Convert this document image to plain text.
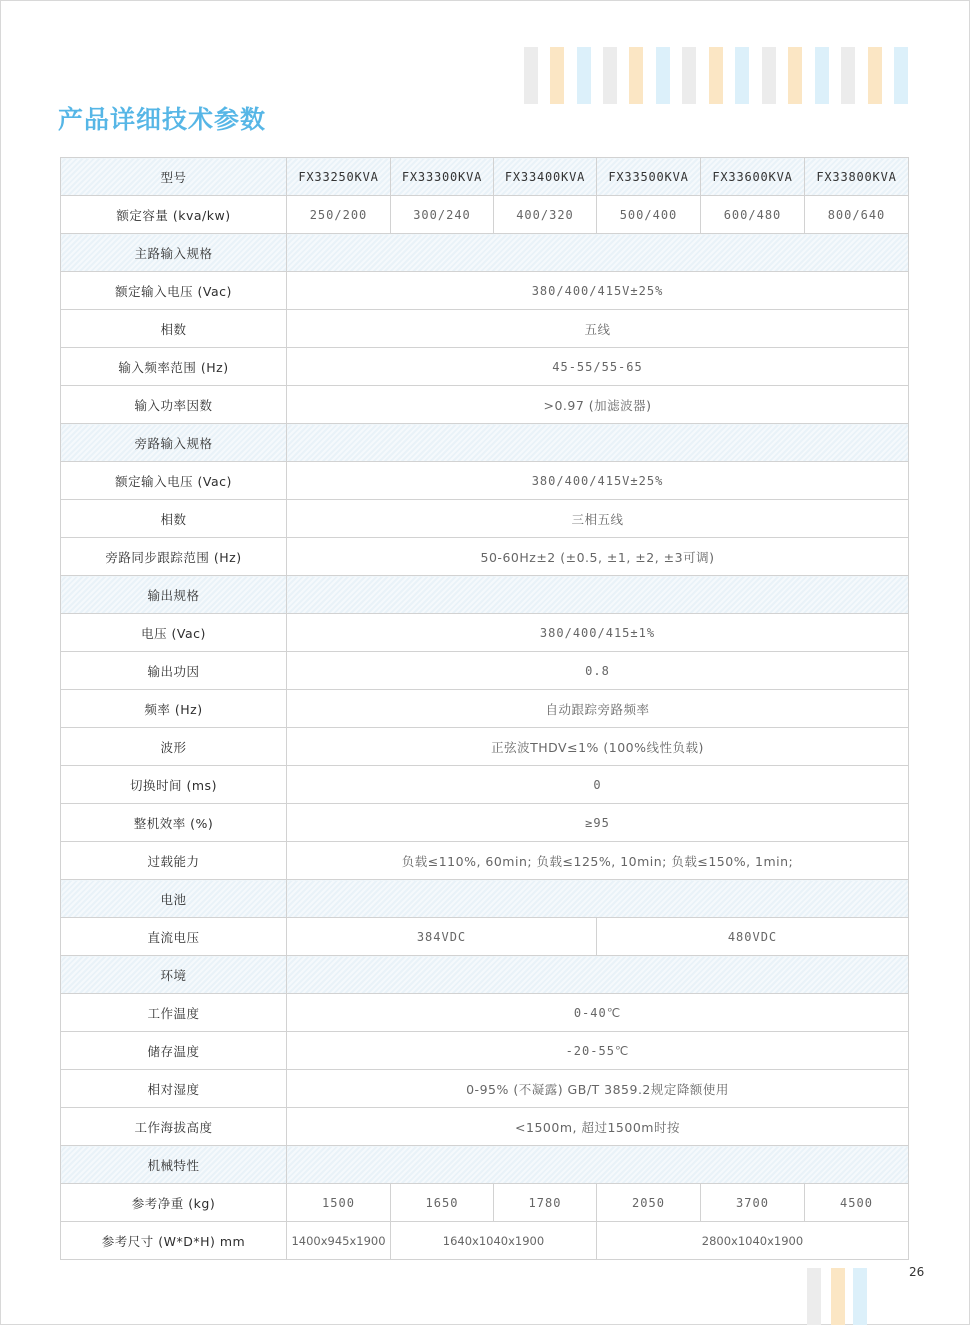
产品详细技术参数
型号	FX33250KVA	FX33300KVA	FX33400KVA	FX33500KVA	FX33600KVA	FX33800KVA
额定容量 (kva/kw)	250/200	300/240	400/320	500/400	600/480	800/640
主路输入规格						
额定输入电压 (Vac)	380/400/415V±25%					
相数	五线					
输入频率范围 (Hz)	45-55/55-65					
输入功率因数	>0.97 (加滤波器)					
旁路输入规格						
额定输入电压 (Vac)	380/400/415V±25%					
相数	三相五线					
旁路同步跟踪范围 (Hz)	50-60Hz±2 (±0.5, ±1, ±2, ±3可调)					
输出规格						
电压 (Vac)	380/400/415±1%					
输出功因	0.8					
频率 (Hz)	自动跟踪旁路频率					
波形	正弦波THDV≤1% (100%线性负载)					
切换时间 (ms)	0					
整机效率 (%)	≥95					
过载能力	负载≤110%, 60min; 负载≤125%, 10min; 负载≤150%, 1min;					
电池						
直流电压	384VDC			480VDC		
环境						
工作温度	0-40℃					
储存温度	-20-55℃					
相对湿度	0-95% (不凝露) GB/T 3859.2规定降额使用					
工作海拔高度	<1500m, 超过1500m时按					
机械特性						
参考净重 (kg)	1500	1650	1780	2050	3700	4500
参考尺寸 (W*D*H) mm	1400x945x1900	1640x1040x1900		2800x1040x1900		
26
